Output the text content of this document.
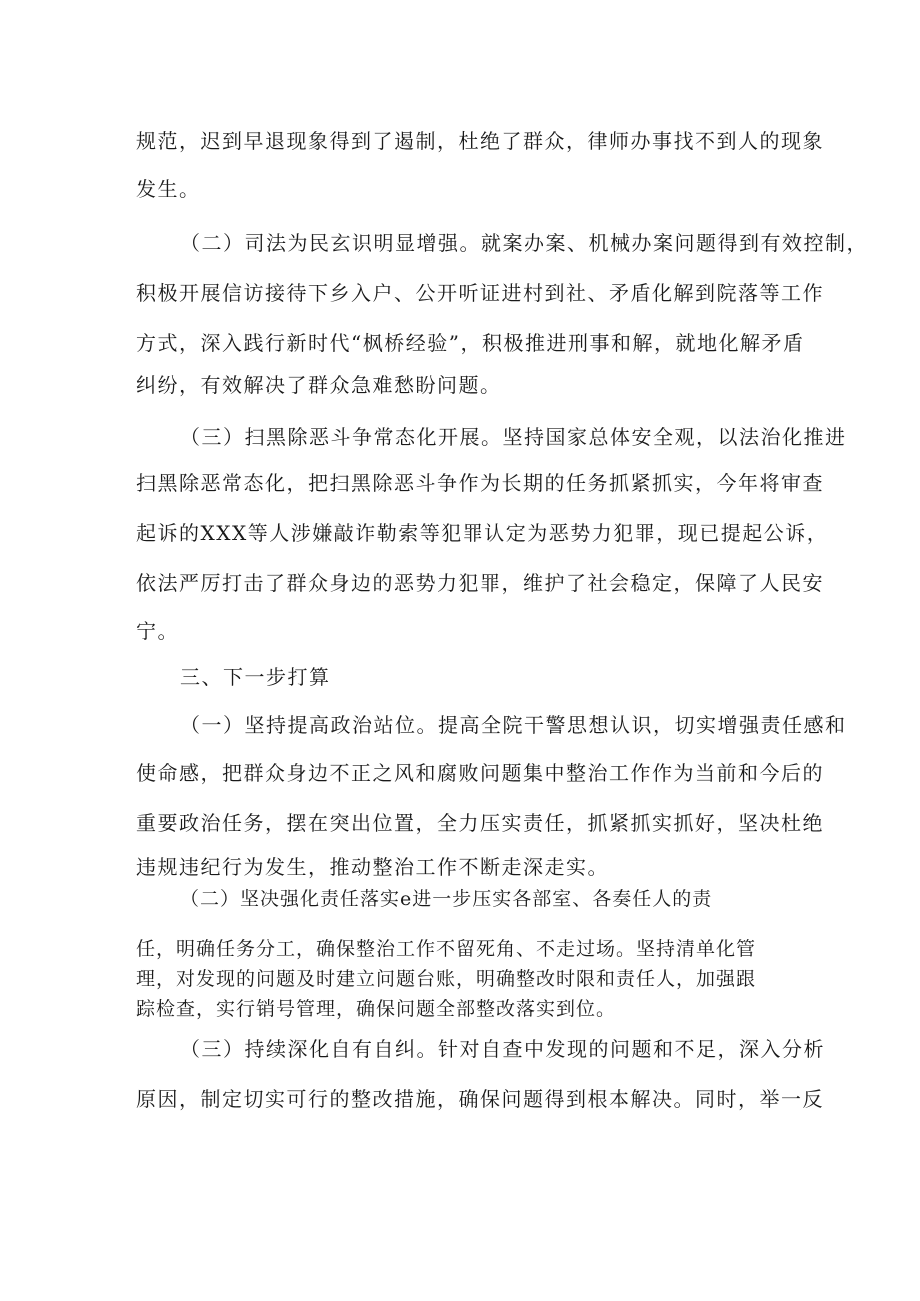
规范，迟到早退现象得到了遏制，杜绝了群众，律师办事找不到人的现象
发生。
（二）司法为民玄识明显增强。就案办案、机械办案问题得到有效控制，
积极开展信访接待下乡入户、公开听证进村到社、矛盾化解到院落等工作
方式，深入践行新时代“枫桥经验”，积极推进刑事和解，就地化解矛盾
纠纷，有效解决了群众急难愁盼问题。
（三）扫黑除恶斗争常态化开展。坚持国家总体安全观，以法治化推进
扫黑除恶常态化，把扫黑除恶斗争作为长期的任务抓紧抓实，今年将审查
起诉的XXX等人涉嫌敲诈勒索等犯罪认定为恶势力犯罪，现已提起公诉，
依法严厉打击了群众身边的恶势力犯罪，维护了社会稳定，保障了人民安
宁。
三、下一步打算
（一）坚持提高政治站位。提高全院干警思想认识，切实增强责任感和
使命感，把群众身边不正之风和腐败问题集中整治工作作为当前和今后的
重要政治任务，摆在突出位置，全力压实责任，抓紧抓实抓好，坚决杜绝
违规违纪行为发生，推动整治工作不断走深走实。
（二）坚决强化责任落实e进一步压实各部室、各奏任人的责
任，明确任务分工，确保整治工作不留死角、不走过场。坚持清单化管
理，对发现的问题及时建立问题台账，明确整改时限和责任人，加强跟
踪检查，实行销号管理，确保问题全部整改落实到位。
（三）持续深化自有自纠。针对自查中发现的问题和不足，深入分析
原因，制定切实可行的整改措施，确保问题得到根本解决。同时，举一反
